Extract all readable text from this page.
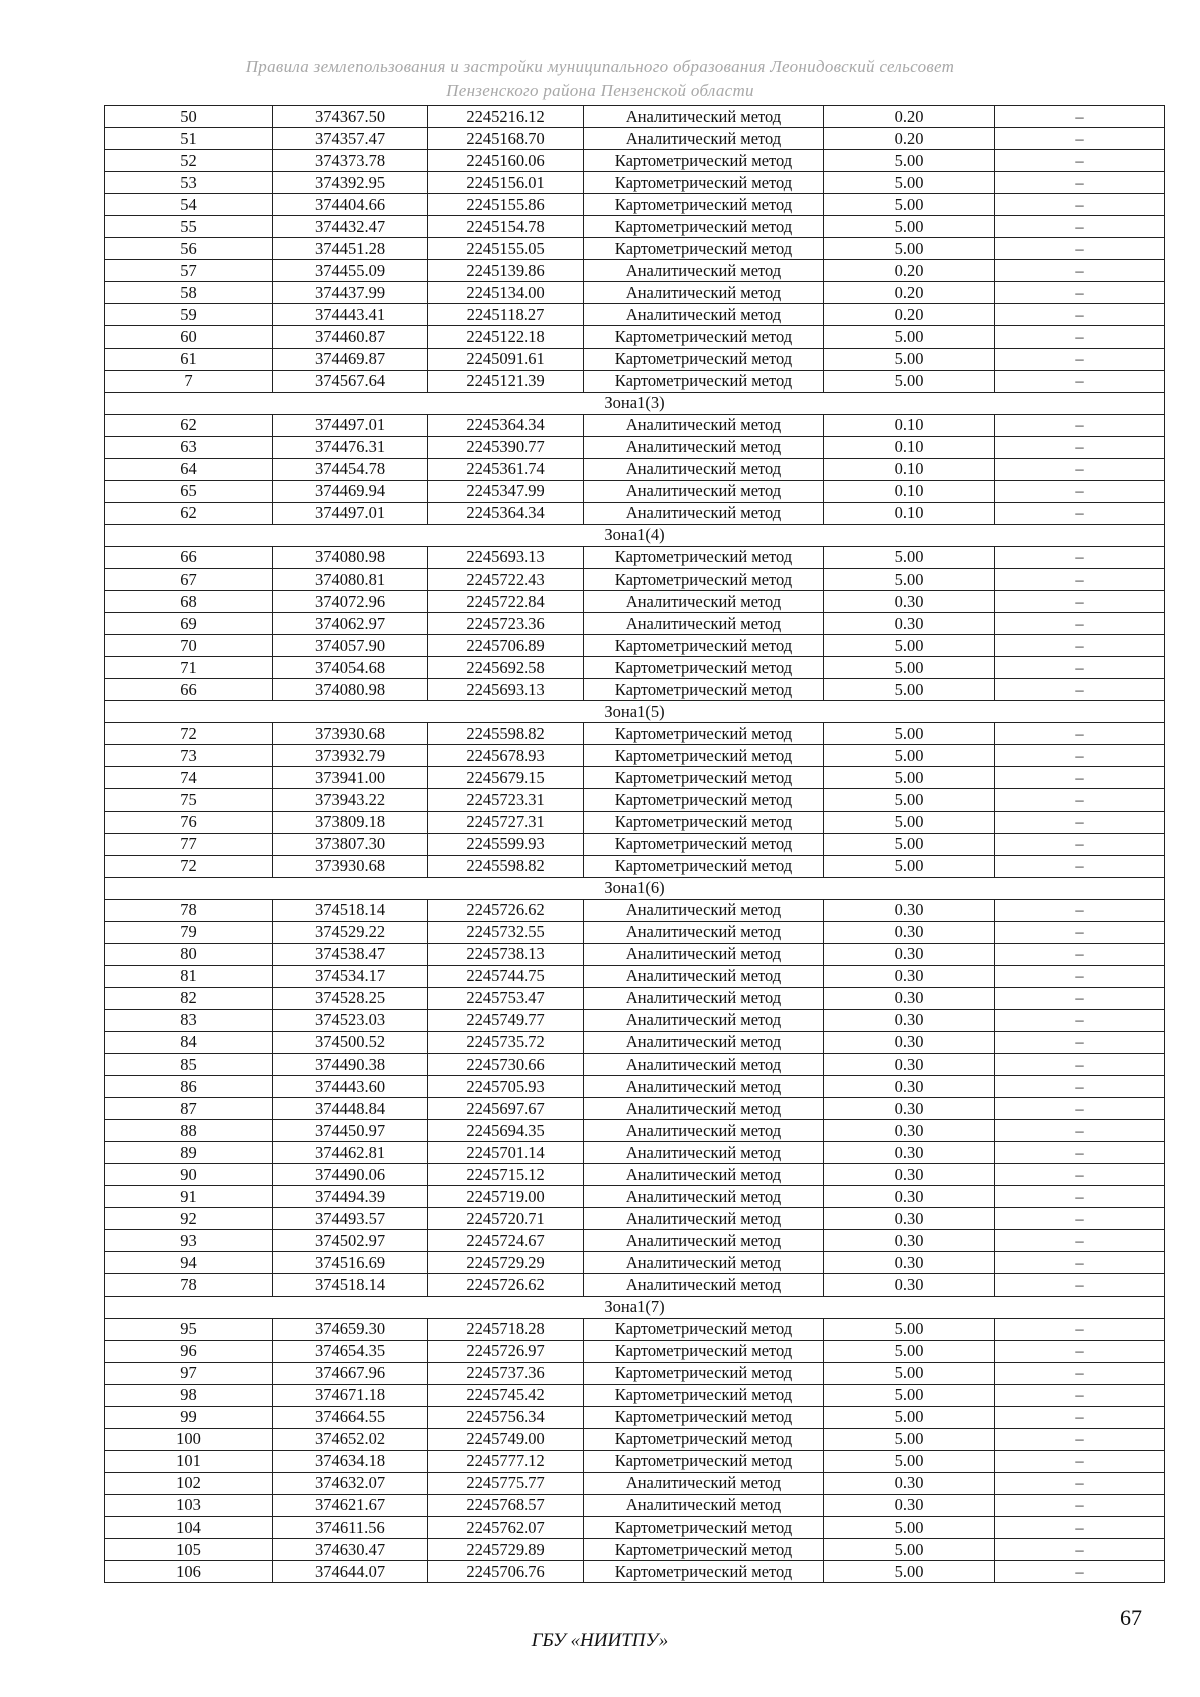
Правила землепользования и застройки муниципального образования Леонидовский сельсовет
Пензенского района Пензенской области
50	374367.50	2245216.12	Аналитический метод	0.20	–
51	374357.47	2245168.70	Аналитический метод	0.20	–
52	374373.78	2245160.06	Картометрический метод	5.00	–
53	374392.95	2245156.01	Картометрический метод	5.00	–
54	374404.66	2245155.86	Картометрический метод	5.00	–
55	374432.47	2245154.78	Картометрический метод	5.00	–
56	374451.28	2245155.05	Картометрический метод	5.00	–
57	374455.09	2245139.86	Аналитический метод	0.20	–
58	374437.99	2245134.00	Аналитический метод	0.20	–
59	374443.41	2245118.27	Аналитический метод	0.20	–
60	374460.87	2245122.18	Картометрический метод	5.00	–
61	374469.87	2245091.61	Картометрический метод	5.00	–
7	374567.64	2245121.39	Картометрический метод	5.00	–
Зона1(3)					
62	374497.01	2245364.34	Аналитический метод	0.10	–
63	374476.31	2245390.77	Аналитический метод	0.10	–
64	374454.78	2245361.74	Аналитический метод	0.10	–
65	374469.94	2245347.99	Аналитический метод	0.10	–
62	374497.01	2245364.34	Аналитический метод	0.10	–
Зона1(4)					
66	374080.98	2245693.13	Картометрический метод	5.00	–
67	374080.81	2245722.43	Картометрический метод	5.00	–
68	374072.96	2245722.84	Аналитический метод	0.30	–
69	374062.97	2245723.36	Аналитический метод	0.30	–
70	374057.90	2245706.89	Картометрический метод	5.00	–
71	374054.68	2245692.58	Картометрический метод	5.00	–
66	374080.98	2245693.13	Картометрический метод	5.00	–
Зона1(5)					
72	373930.68	2245598.82	Картометрический метод	5.00	–
73	373932.79	2245678.93	Картометрический метод	5.00	–
74	373941.00	2245679.15	Картометрический метод	5.00	–
75	373943.22	2245723.31	Картометрический метод	5.00	–
76	373809.18	2245727.31	Картометрический метод	5.00	–
77	373807.30	2245599.93	Картометрический метод	5.00	–
72	373930.68	2245598.82	Картометрический метод	5.00	–
Зона1(6)					
78	374518.14	2245726.62	Аналитический метод	0.30	–
79	374529.22	2245732.55	Аналитический метод	0.30	–
80	374538.47	2245738.13	Аналитический метод	0.30	–
81	374534.17	2245744.75	Аналитический метод	0.30	–
82	374528.25	2245753.47	Аналитический метод	0.30	–
83	374523.03	2245749.77	Аналитический метод	0.30	–
84	374500.52	2245735.72	Аналитический метод	0.30	–
85	374490.38	2245730.66	Аналитический метод	0.30	–
86	374443.60	2245705.93	Аналитический метод	0.30	–
87	374448.84	2245697.67	Аналитический метод	0.30	–
88	374450.97	2245694.35	Аналитический метод	0.30	–
89	374462.81	2245701.14	Аналитический метод	0.30	–
90	374490.06	2245715.12	Аналитический метод	0.30	–
91	374494.39	2245719.00	Аналитический метод	0.30	–
92	374493.57	2245720.71	Аналитический метод	0.30	–
93	374502.97	2245724.67	Аналитический метод	0.30	–
94	374516.69	2245729.29	Аналитический метод	0.30	–
78	374518.14	2245726.62	Аналитический метод	0.30	–
Зона1(7)					
95	374659.30	2245718.28	Картометрический метод	5.00	–
96	374654.35	2245726.97	Картометрический метод	5.00	–
97	374667.96	2245737.36	Картометрический метод	5.00	–
98	374671.18	2245745.42	Картометрический метод	5.00	–
99	374664.55	2245756.34	Картометрический метод	5.00	–
100	374652.02	2245749.00	Картометрический метод	5.00	–
101	374634.18	2245777.12	Картометрический метод	5.00	–
102	374632.07	2245775.77	Аналитический метод	0.30	–
103	374621.67	2245768.57	Аналитический метод	0.30	–
104	374611.56	2245762.07	Картометрический метод	5.00	–
105	374630.47	2245729.89	Картометрический метод	5.00	–
106	374644.07	2245706.76	Картометрический метод	5.00	–
67
ГБУ «НИИТПУ»
